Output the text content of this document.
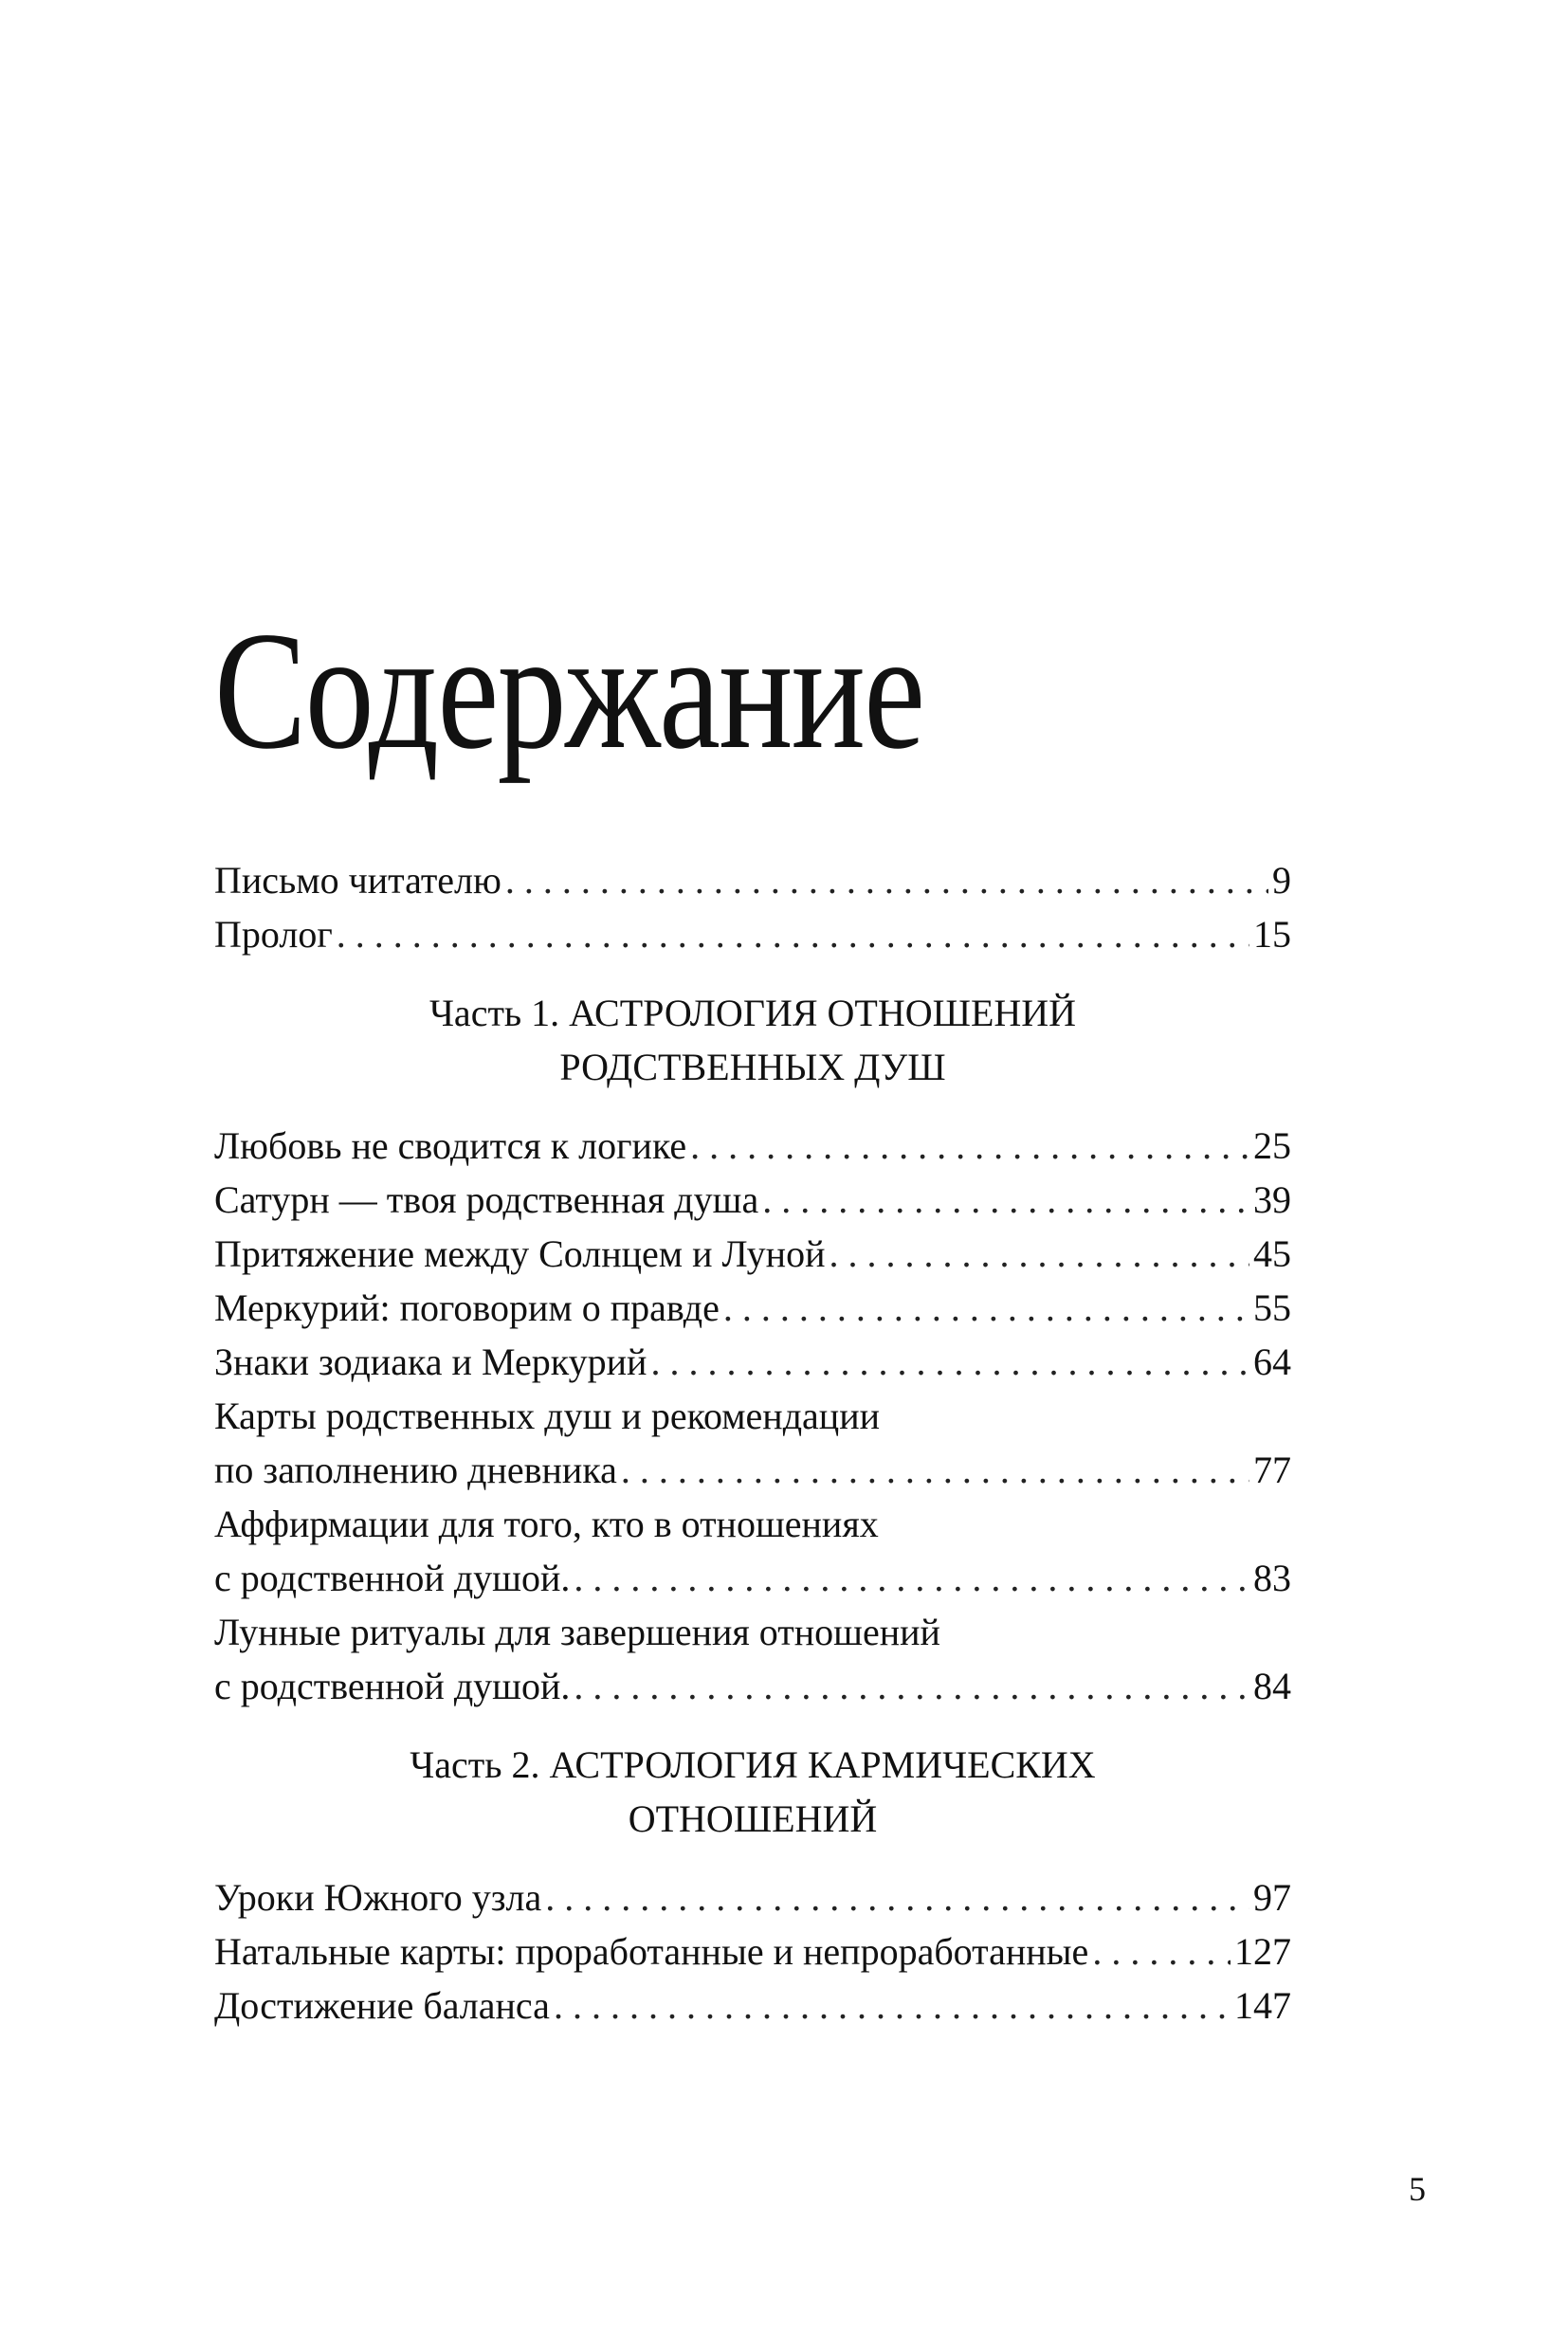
Содержание
Письмо читателю . . .	9
Пролог . . .	15
Часть 1. АСТРОЛОГИЯ ОТНОШЕНИЙ
РОДСТВЕННЫХ ДУШ
Любовь не сводится к логике . . .	25
Сатурн — твоя родственная душа . . .	39
Притяжение между Солнцем и Луной . . .	45
Меркурий: поговорим о правде . . .	55
Знаки зодиака и Меркурий . . .	64
Карты родственных душ и рекомендации
по заполнению дневника . . .	77
Аффирмации для того, кто в отношениях
с родственной душой. . . .	83
Лунные ритуалы для завершения отношений
с родственной душой. . . .	84
Часть 2. АСТРОЛОГИЯ КАРМИЧЕСКИХ
ОТНОШЕНИЙ
Уроки Южного узла . . .	97
Натальные карты: проработанные и непроработанные . . .	127
Достижение баланса . . .	147
5
